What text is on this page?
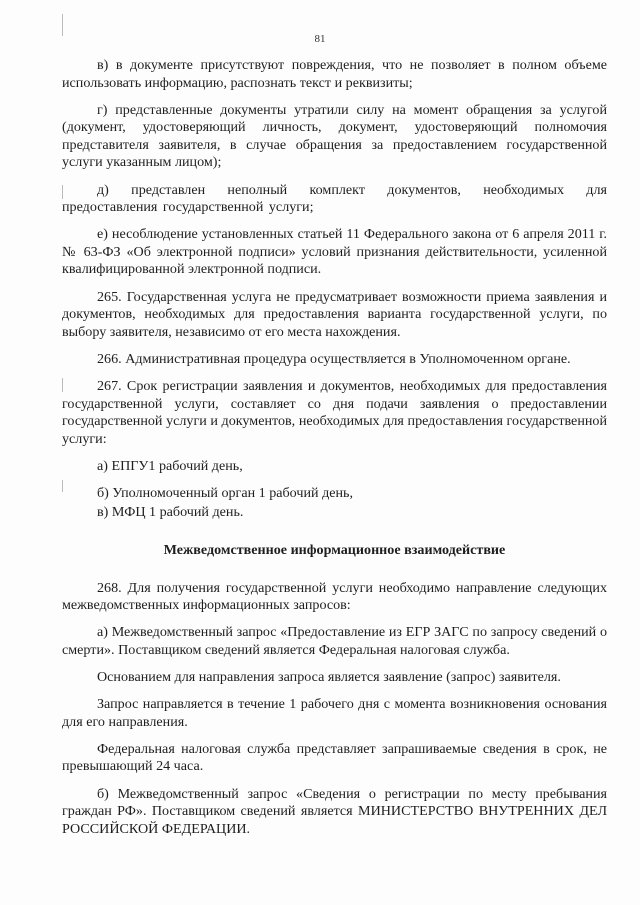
81

в) в документе присутствуют повреждения, что не позволяет в полном объеме использовать информацию, распознать текст и реквизиты;

г) представленные документы утратили силу на момент обращения за услугой (документ, удостоверяющий личность, документ, удостоверяющий полномочия представителя заявителя, в случае обращения за предоставлением государственной услуги указанным лицом);

д) представлен неполный комплект документов, необходимых для предоставления государственной услуги;

е) несоблюдение установленных статьей 11 Федерального закона от 6 апреля 2011 г. № 63-ФЗ «Об электронной подписи» условий признания действительности, усиленной квалифицированной электронной подписи.

265. Государственная услуга не предусматривает возможности приема заявления и документов, необходимых для предоставления варианта государственной услуги, по выбору заявителя, независимо от его места нахождения.

266. Административная процедура осуществляется в Уполномоченном органе.

267. Срок регистрации заявления и документов, необходимых для предоставления государственной услуги, составляет со дня подачи заявления о предоставлении государственной услуги и документов, необходимых для предоставления государственной услуги:

а) ЕПГУ1 рабочий день,

б) Уполномоченный орган 1 рабочий день,

в) МФЦ 1 рабочий день.

Межведомственное информационное взаимодействие

268. Для получения государственной услуги необходимо направление следующих межведомственных информационных запросов:

а) Межведомственный запрос «Предоставление из ЕГР ЗАГС по запросу сведений о смерти». Поставщиком сведений является Федеральная налоговая служба.

Основанием для направления запроса является заявление (запрос) заявителя.

Запрос направляется в течение 1 рабочего дня с момента возникновения основания для его направления.

Федеральная налоговая служба представляет запрашиваемые сведения в срок, не превышающий 24 часа.

б) Межведомственный запрос «Сведения о регистрации по месту пребывания граждан РФ». Поставщиком сведений является МИНИСТЕРСТВО ВНУТРЕННИХ ДЕЛ РОССИЙСКОЙ ФЕДЕРАЦИИ.
